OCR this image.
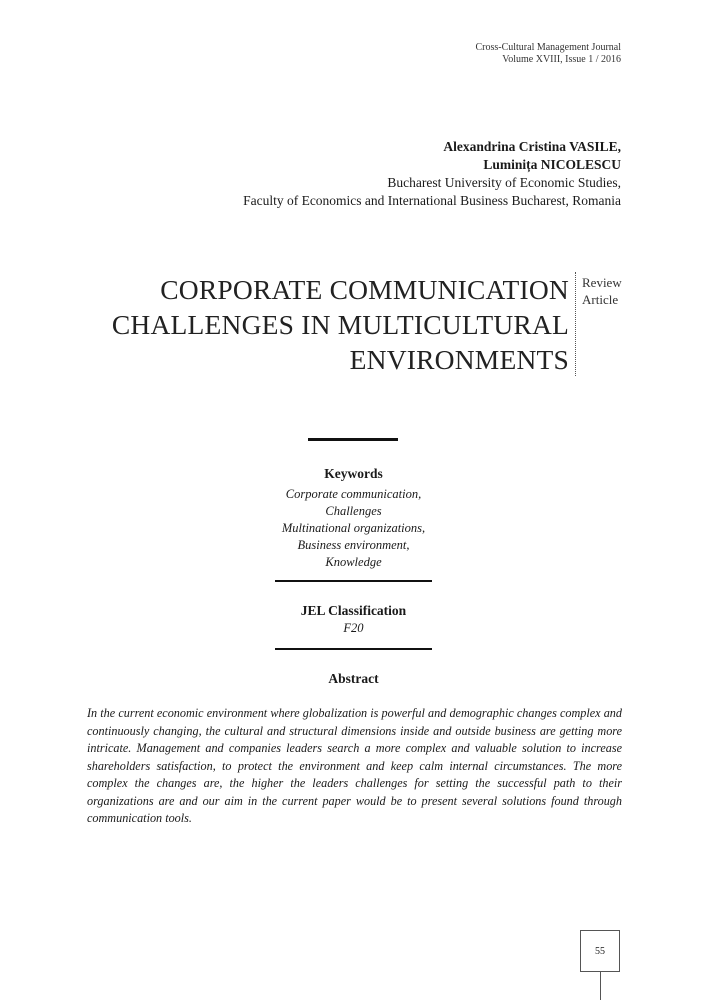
Cross-Cultural Management Journal
Volume XVIII, Issue 1 / 2016
Alexandrina Cristina VASILE,
Luminița NICOLESCU
Bucharest University of Economic Studies,
Faculty of Economics and International Business Bucharest, Romania
CORPORATE COMMUNICATION
CHALLENGES IN MULTICULTURAL
ENVIRONMENTS
Review
Article
Keywords
Corporate communication,
Challenges
Multinational organizations,
Business environment,
Knowledge
JEL Classification
F20
Abstract
In the current economic environment where globalization is powerful and demographic changes complex and continuously changing, the cultural and structural dimensions inside and outside business are getting more intricate. Management and companies leaders search a more complex and valuable solution to increase shareholders satisfaction, to protect the environment and keep calm internal circumstances. The more complex the changes are, the higher the leaders challenges for setting the successful path to their organizations are and our aim in the current paper would be to present several solutions found through communication tools.
55
